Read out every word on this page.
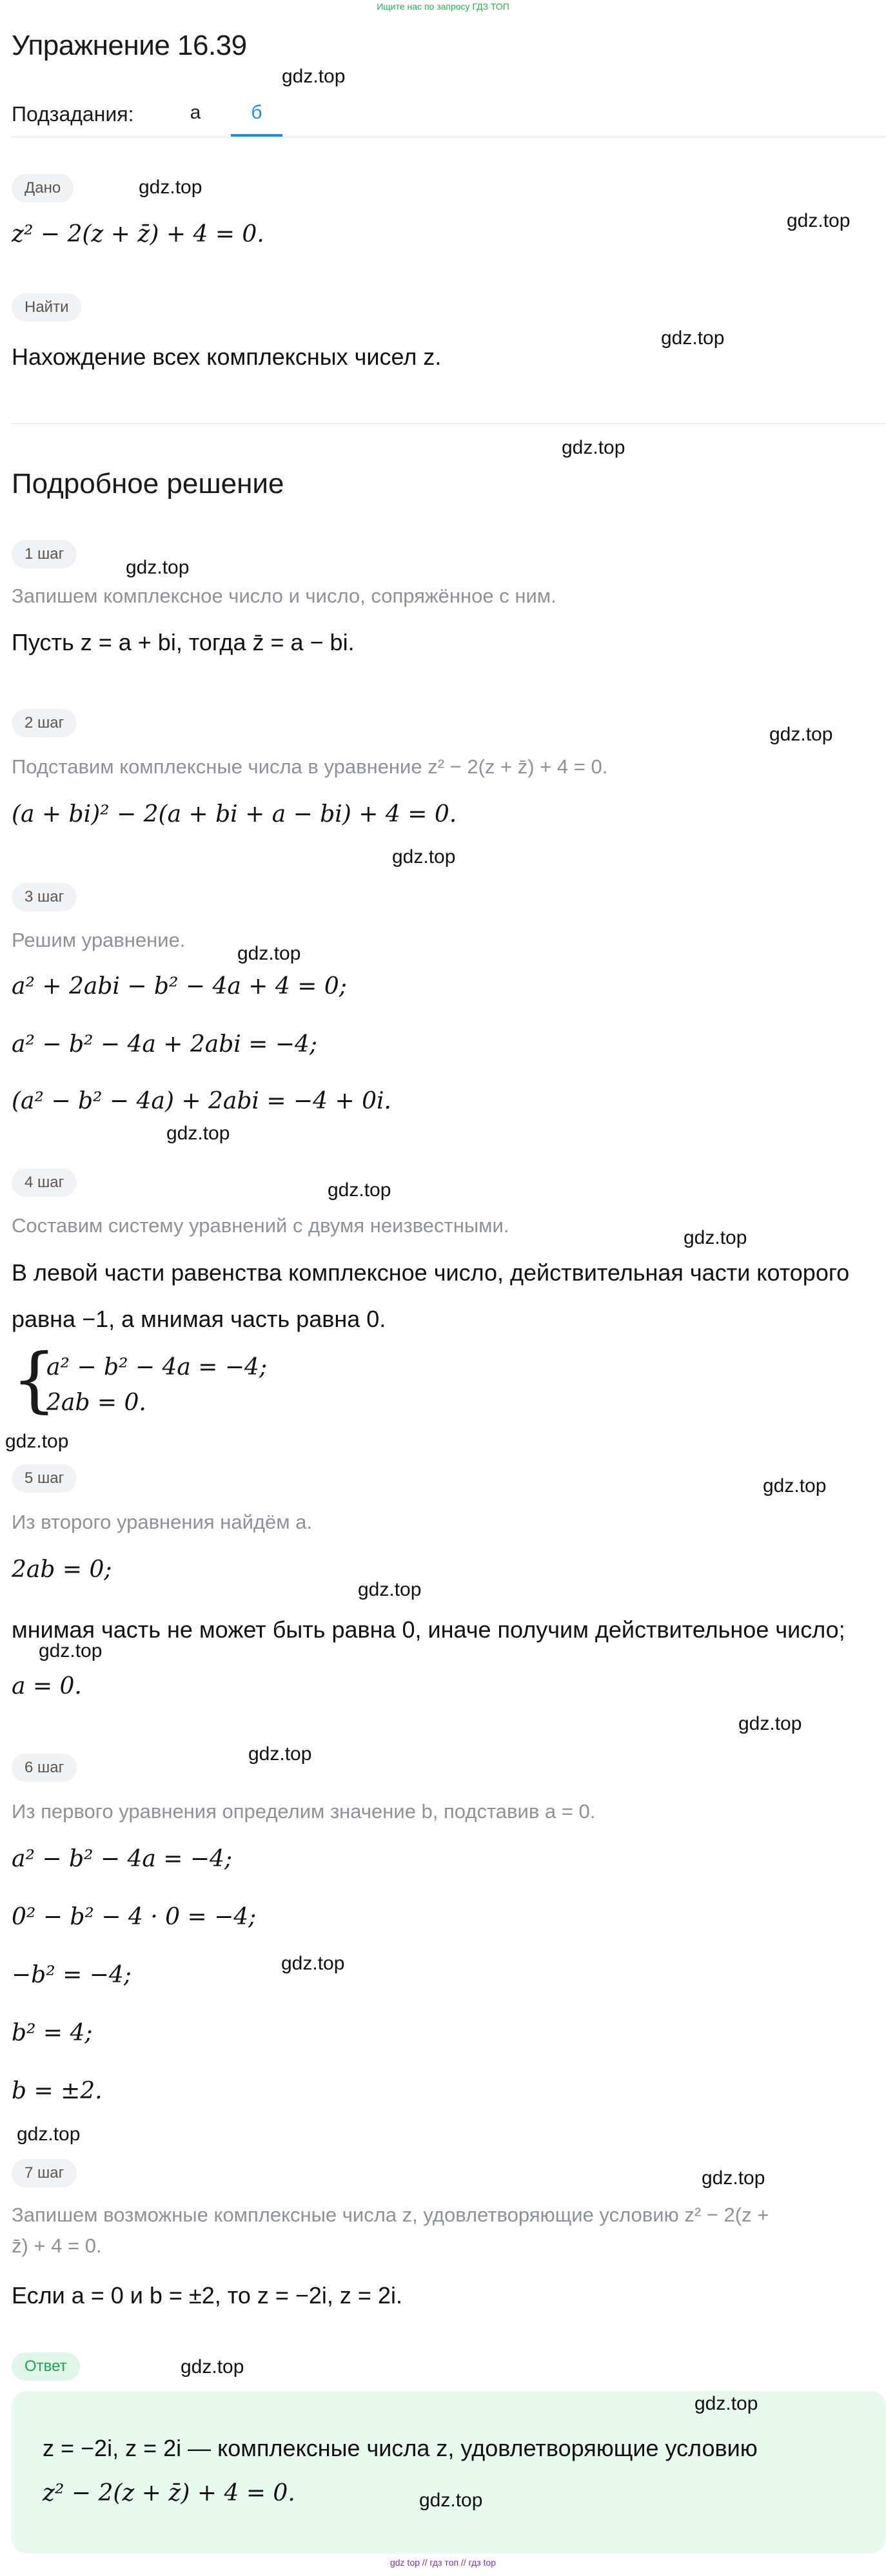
Ищите нас по запросу ГДЗ ТОП
Упражнение 16.39
Подзадания:	а	б
Дано
z² − 2(z + z̄) + 4 = 0.
Найти
Нахождение всех комплексных чисел z.
Подробное решение
1 шаг
Запишем комплексное число и число, сопряжённое с ним.
Пусть z = a + bi, тогда z̄ = a − bi.
2 шаг
Подставим комплексные числа в уравнение z² − 2(z + z̄) + 4 = 0.
(a + bi)² − 2(a + bi + a − bi) + 4 = 0.
3 шаг
Решим уравнение.
a² + 2abi − b² − 4a + 4 = 0;
a² − b² − 4a + 2abi = −4;
(a² − b² − 4a) + 2abi = −4 + 0i.
4 шаг
Составим систему уравнений с двумя неизвестными.
В левой части равенства комплексное число, действительная части которого
равна −1, а мнимая часть равна 0.
{
a² − b² − 4a = −4;
2ab = 0.
5 шаг
Из второго уравнения найдём a.
2ab = 0;
мнимая часть не может быть равна 0, иначе получим действительное число;
a = 0.
6 шаг
Из первого уравнения определим значение b, подставив a = 0.
a² − b² − 4a = −4;
0² − b² − 4 · 0 = −4;
−b² = −4;
b² = 4;
b = ±2.
7 шаг
Запишем возможные комплексные числа z, удовлетворяющие условию z² − 2(z +
z̄) + 4 = 0.
Если a = 0 и b = ±2, то z = −2i, z = 2i.
Ответ
z = −2i, z = 2i — комплексные числа z, удовлетворяющие условию
z² − 2(z + z̄) + 4 = 0.
gdz.top
gdz.top
gdz.top
gdz.top
gdz.top
gdz.top
gdz.top
gdz.top
gdz.top
gdz.top
gdz.top
gdz.top
gdz.top
gdz.top
gdz.top
gdz.top
gdz.top
gdz.top
gdz.top
gdz.top
gdz.top
gdz.top
gdz.top
gdz.top
gdz top // гдз топ // гдз top
